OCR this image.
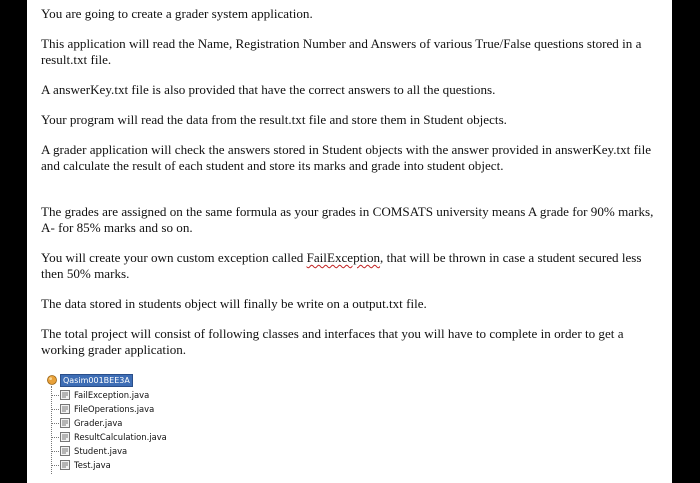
You are going to create a grader system application.

This application will read the Name, Registration Number and Answers of various True/False questions stored in a result.txt file.

A answerKey.txt file is also provided that have the correct answers to all the questions.

Your program will read the data from the result.txt file and store them in Student objects.

A grader application will check the answers stored in Student objects with the answer provided in answerKey.txt file and calculate the result of each student and store its marks and grade into student object.

The grades are assigned on the same formula as your grades in COMSATS university means A grade for 90% marks, A- for 85% marks and so on.

You will create your own custom exception called FailException, that will be thrown in case a student secured less then 50% marks.

The data stored in students object will finally be write on a output.txt file.

The total project will consist of following classes and interfaces that you will have to complete in order to get a working grader application.

Qasim001BEE3A
FailException.java
FileOperations.java
Grader.java
ResultCalculation.java
Student.java
Test.java
